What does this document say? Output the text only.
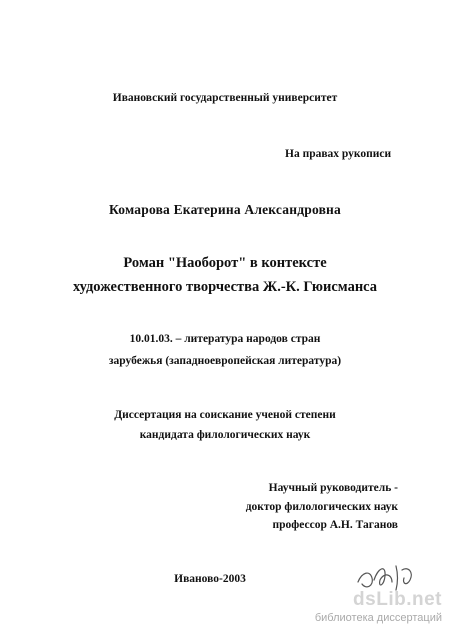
Ивановский государственный университет
На правах рукописи
Комарова Екатерина Александровна
Роман "Наоборот" в контексте
художественного творчества Ж.-К. Гюисманса
10.01.03. – литература народов стран
зарубежья (западноевропейская литература)
Диссертация на соискание ученой степени
кандидата филологических наук
Научный руководитель -
доктор филологических наук
профессор А.Н. Таганов
Иваново-2003
dsLib.net
библиотека диссертаций
